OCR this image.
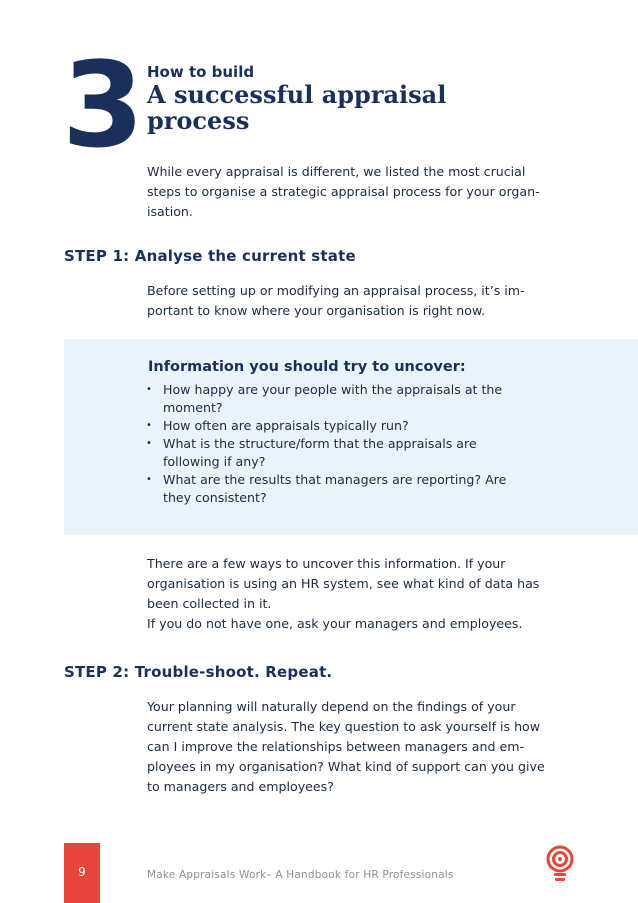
3 How to build
A successful appraisal
process
While every appraisal is different, we listed the most crucial steps to organise a strategic appraisal process for your organ-isation.
STEP 1: Analyse the current state
Before setting up or modifying an appraisal process, it’s im-portant to know where your organisation is right now.
Information you should try to uncover:
• How happy are your people with the appraisals at the moment?
• How often are appraisals typically run?
• What is the structure/form that the appraisals are following if any?
• What are the results that managers are reporting? Are they consistent?

There are a few ways to uncover this information. If your organisation is using an HR system, see what kind of data has been collected in it.

If you do not have one, ask your managers and employees.

STEP 2: Trouble-shoot. Repeat.
Your planning will naturally depend on the findings of your current state analysis. The key question to ask yourself is how can I improve the relationships between managers and em-ployees in my organisation? What kind of support can you give to managers and employees?
9	Make Appraisals Work– A Handbook for HR Professionals
